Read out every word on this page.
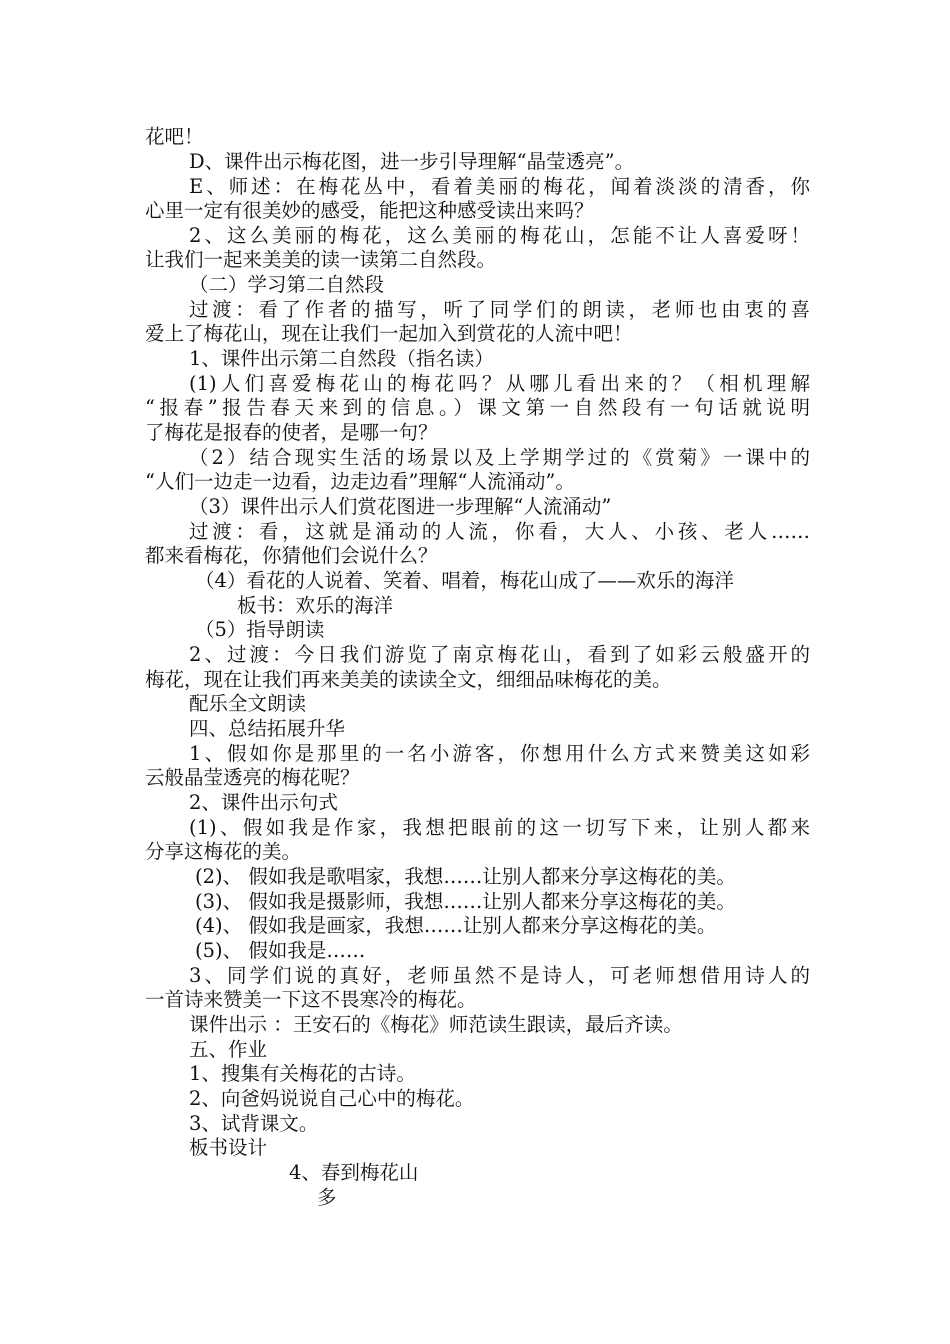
花吧！
D、课件出示梅花图，进一步引导理解“晶莹透亮”。
E、师述：在梅花丛中，看着美丽的梅花，闻着淡淡的清香，你
心里一定有很美妙的感受，能把这种感受读出来吗？
2、这么美丽的梅花，这么美丽的梅花山，怎能不让人喜爱呀！
让我们一起来美美的读一读第二自然段。
（二）学习第二自然段
过渡：看了作者的描写，听了同学们的朗读，老师也由衷的喜
爱上了梅花山，现在让我们一起加入到赏花的人流中吧！
1、课件出示第二自然段（指名读）
(1)人们喜爱梅花山的梅花吗？从哪儿看出来的？（相机理解
“报春”报告春天来到的信息。）课文第一自然段有一句话就说明
了梅花是报春的使者，是哪一句？
（2）结合现实生活的场景以及上学期学过的《赏菊》一课中的
“人们一边走一边看，边走边看”理解“人流涌动”。
（3）课件出示人们赏花图进一步理解“人流涌动”
过渡：看，这就是涌动的人流，你看，大人、小孩、老人……
都来看梅花，你猜他们会说什么？
（4）看花的人说着、笑着、唱着，梅花山成了——欢乐的海洋
板书：欢乐的海洋
（5）指导朗读
2、过渡：今日我们游览了南京梅花山，看到了如彩云般盛开的
梅花，现在让我们再来美美的读读全文，细细品味梅花的美。
配乐全文朗读
四、总结拓展升华
1、假如你是那里的一名小游客，你想用什么方式来赞美这如彩
云般晶莹透亮的梅花呢？
2、课件出示句式
(1)、假如我是作家，我想把眼前的这一切写下来，让别人都来
分享这梅花的美。
(2)、 假如我是歌唱家，我想……让别人都来分享这梅花的美。
(3)、 假如我是摄影师，我想……让别人都来分享这梅花的美。
(4)、 假如我是画家，我想……让别人都来分享这梅花的美。
(5)、 假如我是……
3、同学们说的真好，老师虽然不是诗人，可老师想借用诗人的
一首诗来赞美一下这不畏寒冷的梅花。
课件出示 ：王安石的《梅花》师范读生跟读，最后齐读。
五、作业
1、搜集有关梅花的古诗。
2、向爸妈说说自己心中的梅花。
3、试背课文。
板书设计
4、春到梅花山
多
